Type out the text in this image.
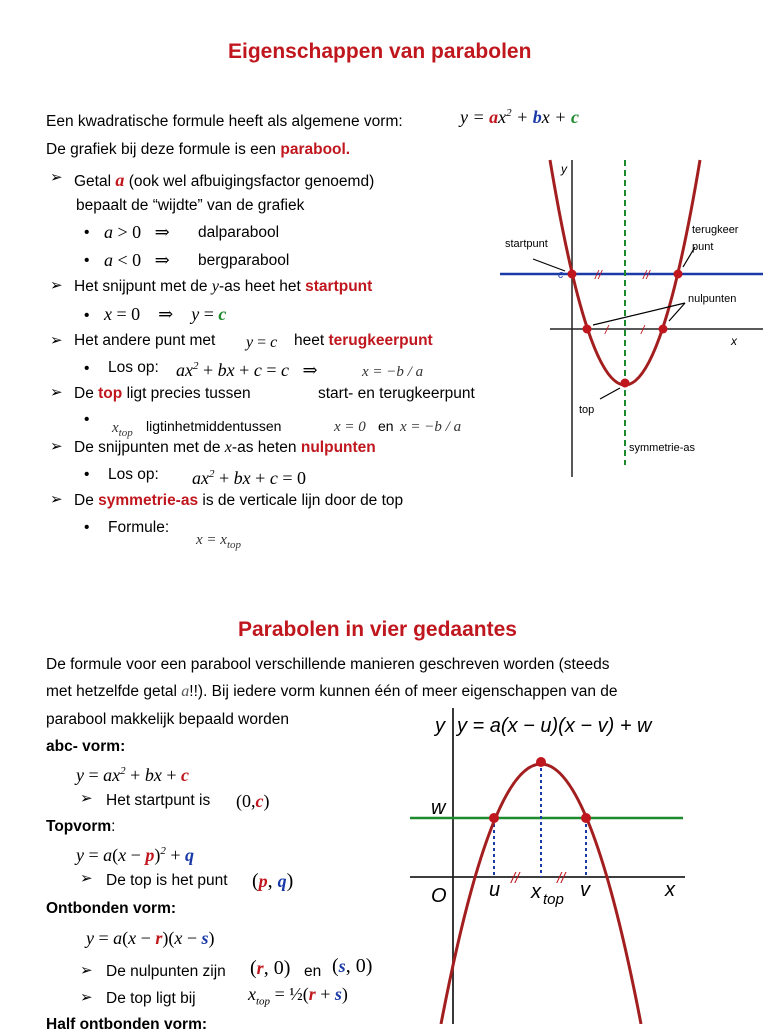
Eigenschappen van parabolen
Een kwadratische formule heeft als algemene vorm:	$y = ax^2$ + bx + c
De grafiek bij deze formule is een parabool.
➢ Getal a (ook wel afbuigingsfactor genoemd)
bepaalt de “wijdte” van de grafiek
• a > 0   ⇒ dalparabool
• a < 0   ⇒ bergparabool
➢ Het snijpunt met de y-as heet het startpunt
• x = 0    ⇒    y = c
➢ Het andere punt met y = c heet terugkeerpunt
• Los op: $ax^2$ + bx + c = c   ⇒	x = −b / a
➢ De top ligt precies tussen	start- en terugkeerpunt
• $x_{top}$ ligtinhetmiddentussen	x = 0 en x = −b / a
➢ De snijpunten met de x-as heten nulpunten
• Los op: $ax^2$ + bx + c = 0
➢ De symmetrie-as is de verticale lijn door de top
• Formule:
$x = x_{top}$
//	//
/	/
y
x
c
startpunt
terugkeer
punt
nulpunten
top
symmetrie-as
Parabolen in vier gedaantes
De formule voor een parabool verschillende manieren geschreven worden (steeds
met hetzelfde getal a!!). Bij iedere vorm kunnen één of meer eigenschappen van de
parabool makkelijk bepaald worden
abc- vorm:
$y = ax^2$ + bx + c
➢ Het startpunt is (0,c)
Topvorm:
$y = a(x - p)^2 + q$
➢ De top is het punt (p, q)
Ontbonden vorm:
y = a(x − r)(x − s)
➢ De nulpunten zijn (r, 0) en (s, 0)
➢ De top ligt bij	$x_{top}$ = ½(r + s)
Half ontbonden vorm:
//	//
y y = a(x − u)(x − v) + w
w
O u x top v	x
